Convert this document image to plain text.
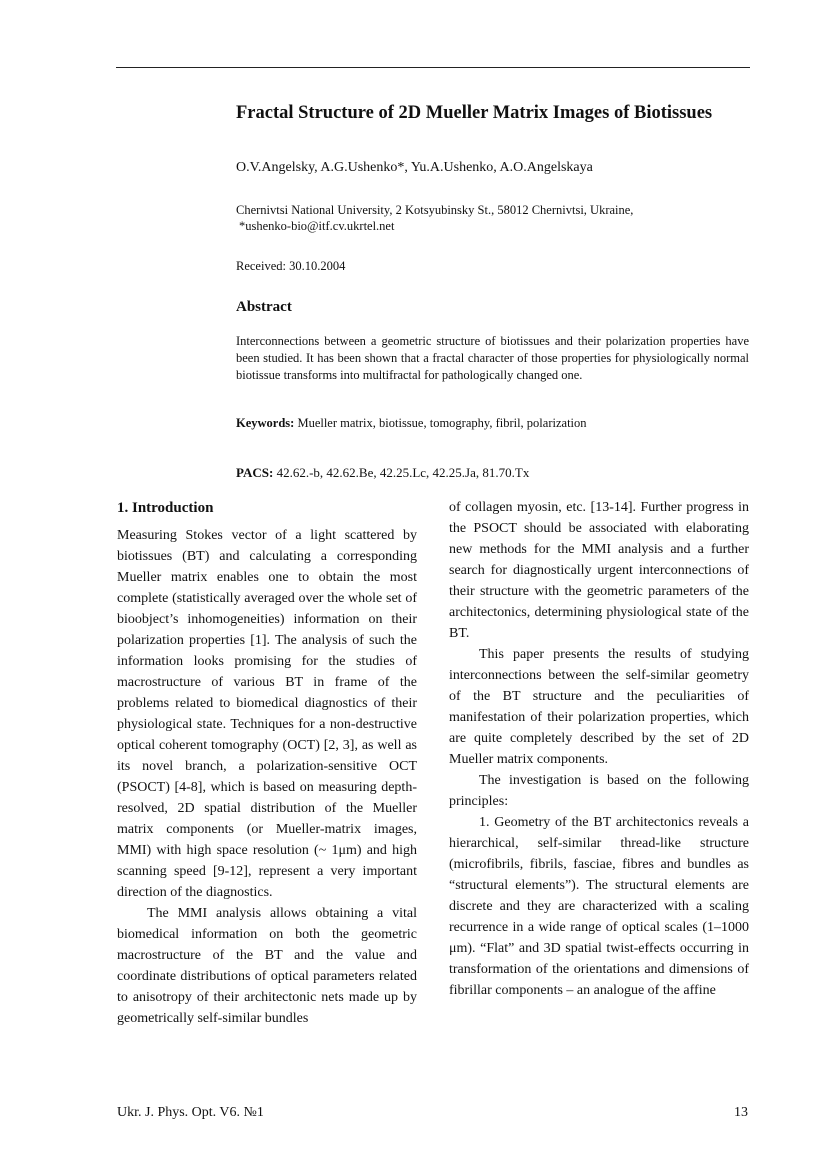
Fractal Structure of 2D Mueller Matrix Images of Biotissues
O.V.Angelsky, A.G.Ushenko*, Yu.A.Ushenko, A.O.Angelskaya
Chernivtsi National University, 2 Kotsyubinsky St., 58012 Chernivtsi, Ukraine,
*ushenko-bio@itf.cv.ukrtel.net
Received: 30.10.2004
Abstract

Interconnections between a geometric structure of biotissues and their polarization properties have been studied. It has been shown that a fractal character of those properties for physiologically normal biotissue transforms into multifractal for pathologically changed one.

Keywords: Mueller matrix, biotissue, tomography, fibril, polarization
PACS: 42.62.-b, 42.62.Be, 42.25.Lc, 42.25.Ja, 81.70.Tx
1. Introduction

Measuring Stokes vector of a light scattered by biotissues (BT) and calculating a corresponding Mueller matrix enables one to obtain the most complete (statistically averaged over the whole set of bioobject’s inhomogeneities) information on their polarization properties [1]. The analysis of such the information looks promising for the studies of macrostructure of various BT in frame of the problems related to biomedical diagnostics of their physiological state. Techniques for a non-destructive optical coherent tomography (OCT) [2, 3], as well as its novel branch, a polarization-sensitive OCT (PSOCT) [4-8], which is based on measuring depth-resolved, 2D spatial distribution of the Mueller matrix components (or Mueller-matrix images, MMI) with high space resolution (~ 1μm) and high scanning speed [9-12], represent a very important direction of the diagnostics.

The MMI analysis allows obtaining a vital biomedical information on both the geometric macrostructure of the BT and the value and coordinate distributions of optical parameters related to anisotropy of their architectonic nets made up by geometrically self-similar bundles

of collagen myosin, etc. [13-14]. Further progress in the PSOCT should be associated with elaborating new methods for the MMI analysis and a further search for diagnostically urgent interconnections of their structure with the geometric parameters of the architectonics, determining physiological state of the BT.

This paper presents the results of studying interconnections between the self-similar geometry of the BT structure and the peculiarities of manifestation of their polarization properties, which are quite completely described by the set of 2D Mueller matrix components.

The investigation is based on the following principles:

1. Geometry of the BT architectonics reveals a hierarchical, self-similar thread-like structure (microfibrils, fibrils, fasciae, fibres and bundles as “structural elements”). The structural elements are discrete and they are characterized with a scaling recurrence in a wide range of optical scales (1–1000 μm). “Flat” and 3D spatial twist-effects occurring in transformation of the orientations and dimensions of fibrillar components – an analogue of the affine

Ukr. J. Phys. Opt. V6. №1	13
